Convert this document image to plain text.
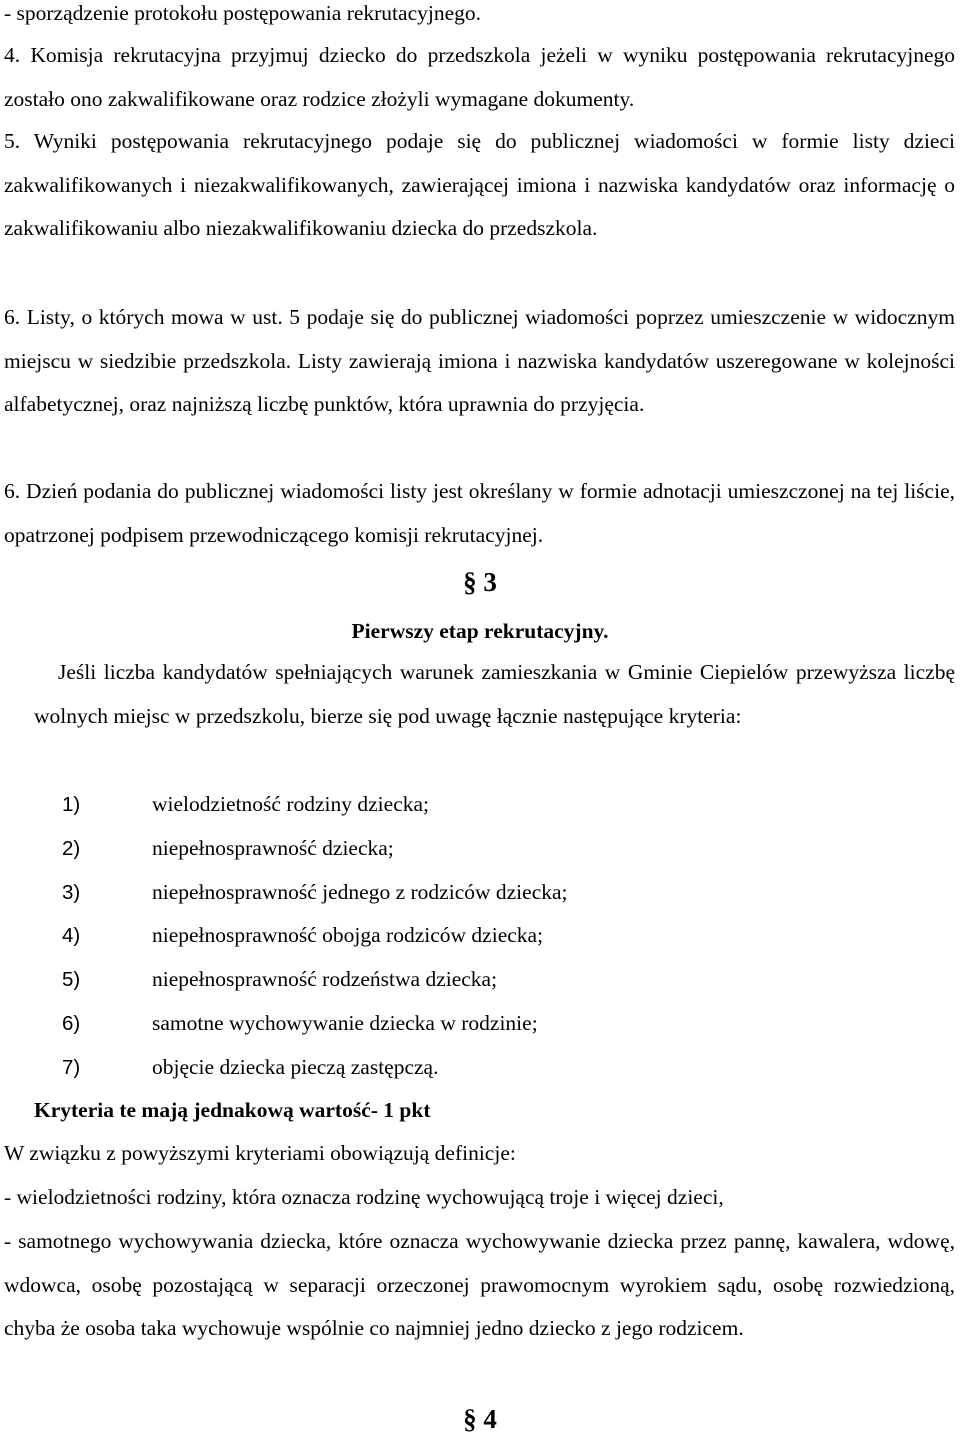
- sporządzenie protokołu postępowania rekrutacyjnego.

4. Komisja rekrutacyjna przyjmuj dziecko do przedszkola jeżeli w wyniku postępowania rekrutacyjnego zostało ono zakwalifikowane oraz rodzice złożyli wymagane dokumenty.

5. Wyniki postępowania rekrutacyjnego podaje się do publicznej wiadomości w formie listy dzieci zakwalifikowanych i niezakwalifikowanych, zawierającej imiona i nazwiska kandydatów oraz informację o zakwalifikowaniu albo niezakwalifikowaniu dziecka do przedszkola.

6. Listy, o których mowa w ust. 5 podaje się do publicznej wiadomości poprzez umieszczenie w widocznym miejscu w siedzibie przedszkola. Listy zawierają imiona i nazwiska kandydatów uszeregowane w kolejności alfabetycznej, oraz najniższą liczbę punktów, która uprawnia do przyjęcia.

6. Dzień podania do publicznej wiadomości listy jest określany w formie adnotacji umieszczonej na tej liście, opatrzonej podpisem przewodniczącego komisji rekrutacyjnej.

§ 3

Pierwszy etap rekrutacyjny.

Jeśli liczba kandydatów spełniających warunek zamieszkania w Gminie Ciepielów przewyższa liczbę wolnych miejsc w przedszkolu, bierze się pod uwagę łącznie następujące kryteria:

1)	wielodzietność rodziny dziecka;
2)	niepełnosprawność dziecka;
3)	niepełnosprawność jednego z rodziców dziecka;
4)	niepełnosprawność obojga rodziców dziecka;
5)	niepełnosprawność rodzeństwa dziecka;
6)	samotne wychowywanie dziecka w rodzinie;
7)	objęcie dziecka pieczą zastępczą.

Kryteria te mają jednakową wartość- 1 pkt

W związku z powyższymi kryteriami obowiązują definicje:

- wielodzietności rodziny, która oznacza rodzinę wychowującą troje i więcej dzieci,

- samotnego wychowywania dziecka, które oznacza wychowywanie dziecka przez pannę, kawalera, wdowę, wdowca, osobę pozostającą w separacji orzeczonej prawomocnym wyrokiem sądu, osobę rozwiedzioną, chyba że osoba taka wychowuje wspólnie co najmniej jedno dziecko z jego rodzicem.

§ 4
